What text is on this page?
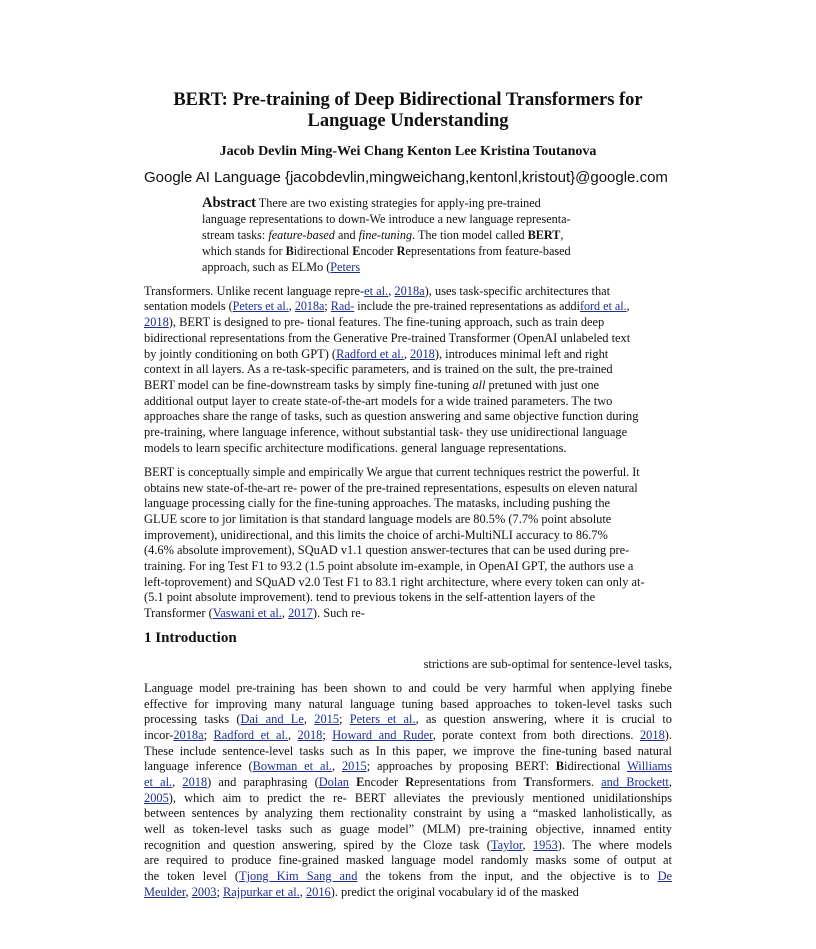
BERT: Pre-training of Deep Bidirectional Transformers for
Language Understanding
Jacob Devlin Ming-Wei Chang Kenton Lee Kristina Toutanova
Google AI Language {jacobdevlin,mingweichang,kentonl,kristout}@google.com
Abstract There are two existing strategies for apply-ing pre-trained
language representations to down-We introduce a new language representa-
stream tasks: feature-based and fine-tuning. The tion model called BERT,
which stands for Bidirectional Encoder Representations from feature-based
approach, such as ELMo (Peters
Transformers. Unlike recent language repre-et al., 2018a), uses task-specific architectures that
sentation models (Peters et al., 2018a; Rad- include the pre-trained representations as addiford et al.,
2018), BERT is designed to pre- tional features. The fine-tuning approach, such as train deep
bidirectional representations from the Generative Pre-trained Transformer (OpenAI unlabeled text
by jointly conditioning on both GPT) (Radford et al., 2018), introduces minimal left and right
context in all layers. As a re-task-specific parameters, and is trained on the sult, the pre-trained
BERT model can be fine-downstream tasks by simply fine-tuning all pretuned with just one
additional output layer to create state-of-the-art models for a wide trained parameters. The two
approaches share the range of tasks, such as question answering and same objective function during
pre-training, where language inference, without substantial task- they use unidirectional language
models to learn specific architecture modifications. general language representations.
BERT is conceptually simple and empirically We argue that current techniques restrict the powerful. It
obtains new state-of-the-art re- power of the pre-trained representations, espesults on eleven natural
language processing cially for the fine-tuning approaches. The matasks, including pushing the
GLUE score to jor limitation is that standard language models are 80.5% (7.7% point absolute
improvement), unidirectional, and this limits the choice of archi-MultiNLI accuracy to 86.7%
(4.6% absolute improvement), SQuAD v1.1 question answer-tectures that can be used during pre-
training. For ing Test F1 to 93.2 (1.5 point absolute im-example, in OpenAI GPT, the authors use a
left-toprovement) and SQuAD v2.0 Test F1 to 83.1 right architecture, where every token can only at-
(5.1 point absolute improvement). tend to previous tokens in the self-attention layers of the
Transformer (Vaswani et al., 2017). Such re-
1 Introduction
strictions are sub-optimal for sentence-level tasks,
Language model pre-training has been shown to and could be very harmful when applying finebe
effective for improving many natural language tuning based approaches to token-level tasks such
processing tasks (Dai and Le, 2015; Peters et al., as question answering, where it is crucial to
incor-2018a; Radford et al., 2018; Howard and Ruder, porate context from both directions. 2018).
These include sentence-level tasks such as In this paper, we improve the fine-tuning based natural
language inference (Bowman et al., 2015; approaches by proposing BERT: Bidirectional Williams
et al., 2018) and paraphrasing (Dolan Encoder Representations from Transformers. and Brockett,
2005), which aim to predict the re- BERT alleviates the previously mentioned unidilationships
between sentences by analyzing them rectionality constraint by using a “masked lanholistically, as
well as token-level tasks such as guage model” (MLM) pre-training objective, innamed entity
recognition and question answering, spired by the Cloze task (Taylor, 1953). The where models
are required to produce fine-grained masked language model randomly masks some of output at
the token level (Tjong Kim Sang and the tokens from the input, and the objective is to De
Meulder, 2003; Rajpurkar et al., 2016). predict the original vocabulary id of the masked
